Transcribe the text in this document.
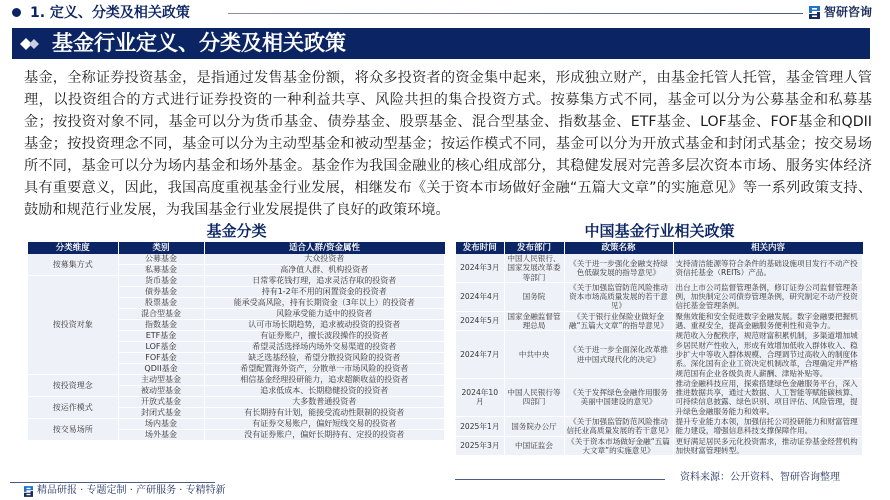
1. 定义、分类及相关政策	智研咨询
基金行业定义、分类及相关政策

基金，全称证券投资基金，是指通过发售基金份额，将众多投资者的资金集中起来，形成独立财产，由基金托管人托管，基金管理人管理，以投资组合的方式进行证券投资的一种利益共享、风险共担的集合投资方式。按募集方式不同，基金可以分为公募基金和私募基金；按投资对象不同，基金可以分为货币基金、债券基金、股票基金、混合型基金、指数基金、ETF基金、LOF基金、FOF基金和QDII基金；按投资理念不同，基金可以分为主动型基金和被动型基金；按运作模式不同，基金可以分为开放式基金和封闭式基金；按交易场所不同，基金可以分为场内基金和场外基金。基金作为我国金融业的核心组成部分，其稳健发展对完善多层次资本市场、服务实体经济具有重要意义，因此，我国高度重视基金行业发展，相继发布《关于资本市场做好金融“五篇大文章”的实施意见》等一系列政策支持、鼓励和规范行业发展，为我国基金行业发展提供了良好的政策环境。

基金分类
分类维度	类别	适合人群/资金属性
按募集方式	公募基金	大众投资者
	私募基金	高净值人群、机构投资者
按投资对象	货币基金	日常零花钱打理，追求灵活存取的投资者
	债券基金	持有1-2年不用的闲置资金的投资者
	股票基金	能承受高风险，持有长期资金（3年以上）的投资者
	混合型基金	风险承受能力适中的投资者
	指数基金	认可市场长期趋势，追求被动投资的投资者
	ETF基金	有证券账户，擅长波段操作的投资者
	LOF基金	希望灵活选择场内场外交易渠道的投资者
	FOF基金	缺乏选基经验，希望分散投资风险的投资者
	QDII基金	希望配置海外资产，分散单一市场风险的投资者
按投资理念	主动型基金	相信基金经理投研能力，追求超额收益的投资者
	被动型基金	追求低成本、长期稳健投资的投资者
按运作模式	开放式基金	大多数普通投资者
	封闭式基金	有长期持有计划，能接受流动性限制的投资者
按交易场所	场内基金	有证券交易账户，偏好短线交易的投资者
	场外基金	没有证券账户，偏好长期持有、定投的投资者
中国基金行业相关政策
发布时间	发布部门	政策名称	相关内容
2024年3月	中国人民银行、国家发展改革委等部门	《关于进一步强化金融支持绿色低碳发展的指导意见》	支持清洁能源等符合条件的基础设施项目发行不动产投资信托基金（REITs）产品。
2024年4月	国务院	《关于加强监管防范风险推动资本市场高质量发展的若干意见》	出台上市公司监督管理条例，修订证券公司监督管理条例，加快制定公司债券管理条例，研究制定不动产投资信托基金管理条例。
2024年5月	国家金融监督管理总局	《关于银行业保险业做好金融“五篇大文章”的指导意见》	聚焦效能和安全促进数字金融发展。数字金融要把握机遇、重视安全，提高金融服务便利性和竞争力。
2024年7月	中共中央	《关于进一步全面深化改革推进中国式现代化的决定》	规范收入分配秩序，规范财富积累机制，多渠道增加城乡居民财产性收入，形成有效增加低收入群体收入、稳步扩大中等收入群体规模、合理调节过高收入的制度体系。深化国有企业工资决定机制改革，合理确定并严格规范国有企业各级负责人薪酬、津贴补贴等。
2024年10月	中国人民银行等四部门	《关于发挥绿色金融作用服务美丽中国建设的意见》	推动金融科技应用，探索搭建绿色金融服务平台，深入推进数据共享，通过大数据、人工智能等赋能碳核算、可持续信息披露、绿色识别、项目评估、风险管理，提升绿色金融服务能力和效率。
2025年1月	国务院办公厅	《关于加强监管防范风险推动信托业高质量发展的若干意见》	提升专业能力本领，加强信托公司投研能力和财富管理能力建设，增强信息科技支撑保障作用。
2025年3月	中国证监会	《关于资本市场做好金融“五篇大文章”的实施意见》	更好满足居民多元化投资需求，推动证券基金经营机构加快财富管理转型。
精品研报 · 专题定制 · 产研服务 · 专精特新
资料来源：公开资料、智研咨询整理
